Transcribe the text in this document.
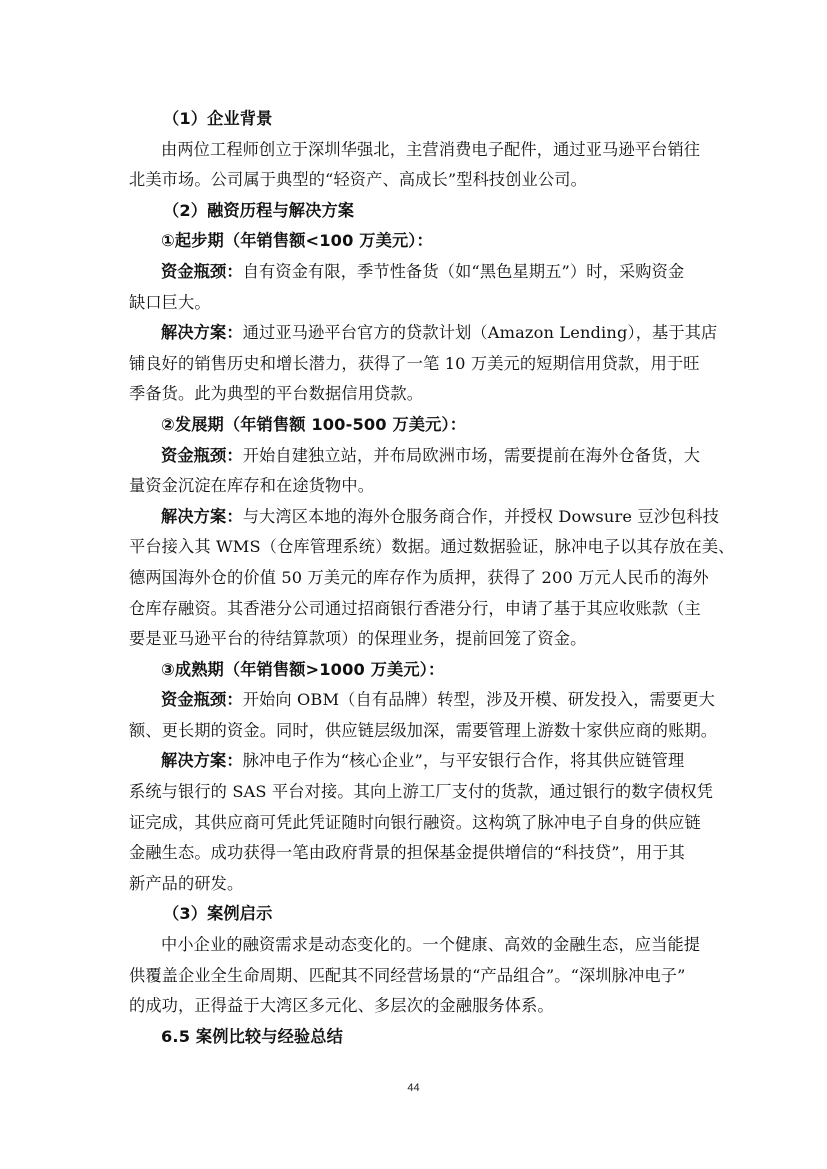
（1）企业背景
由两位工程师创立于深圳华强北，主营消费电子配件，通过亚马逊平台销往
北美市场。公司属于典型的“轻资产、高成长”型科技创业公司。
（2）融资历程与解决方案
①起步期（年销售额<100 万美元）：
资金瓶颈：自有资金有限，季节性备货（如“黑色星期五”）时，采购资金
缺口巨大。
解决方案：通过亚马逊平台官方的贷款计划（Amazon Lending），基于其店
铺良好的销售历史和增长潜力，获得了一笔 10 万美元的短期信用贷款，用于旺
季备货。此为典型的平台数据信用贷款。
②发展期（年销售额 100-500 万美元）：
资金瓶颈：开始自建独立站，并布局欧洲市场，需要提前在海外仓备货，大
量资金沉淀在库存和在途货物中。
解决方案：与大湾区本地的海外仓服务商合作，并授权 Dowsure 豆沙包科技
平台接入其 WMS（仓库管理系统）数据。通过数据验证，脉冲电子以其存放在美、
德两国海外仓的价值 50 万美元的库存作为质押，获得了 200 万元人民币的海外
仓库存融资。其香港分公司通过招商银行香港分行，申请了基于其应收账款（主
要是亚马逊平台的待结算款项）的保理业务，提前回笼了资金。
③成熟期（年销售额>1000 万美元）：
资金瓶颈：开始向 OBM（自有品牌）转型，涉及开模、研发投入，需要更大
额、更长期的资金。同时，供应链层级加深，需要管理上游数十家供应商的账期。
解决方案：脉冲电子作为“核心企业”，与平安银行合作，将其供应链管理
系统与银行的 SAS 平台对接。其向上游工厂支付的货款，通过银行的数字债权凭
证完成，其供应商可凭此凭证随时向银行融资。这构筑了脉冲电子自身的供应链
金融生态。成功获得一笔由政府背景的担保基金提供增信的“科技贷”，用于其
新产品的研发。
（3）案例启示
中小企业的融资需求是动态变化的。一个健康、高效的金融生态，应当能提
供覆盖企业全生命周期、匹配其不同经营场景的“产品组合”。“深圳脉冲电子”
的成功，正得益于大湾区多元化、多层次的金融服务体系。
6.5 案例比较与经验总结
44
